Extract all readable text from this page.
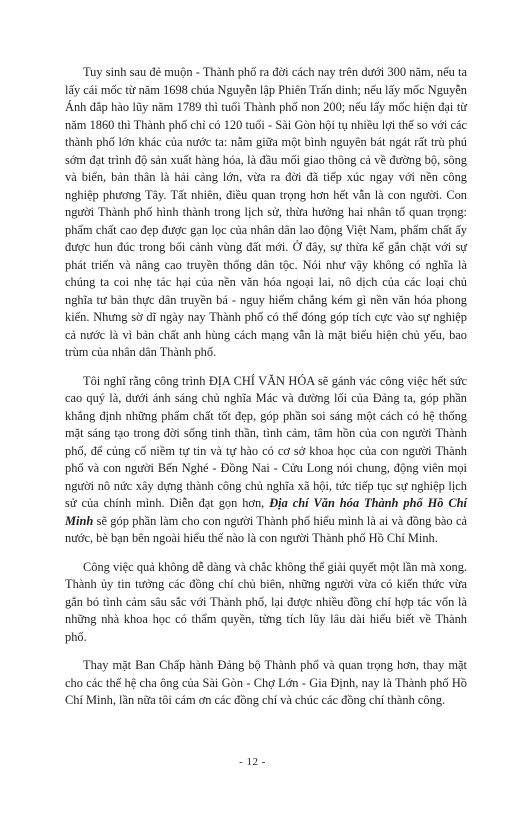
Tuy sinh sau đẻ muộn - Thành phố ra đời cách nay trên dưới 300 năm, nếu ta lấy cái mốc từ năm 1698 chúa Nguyễn lập Phiên Trấn dinh; nếu lấy mốc Nguyễn Ánh đắp hào lũy năm 1789 thì tuổi Thành phố non 200; nếu lấy mốc hiện đại từ năm 1860 thì Thành phố chỉ có 120 tuổi - Sài Gòn hội tụ nhiều lợi thế so với các thành phố lớn khác của nước ta: nằm giữa một bình nguyên bát ngát rất trù phú sớm đạt trình độ sản xuất hàng hóa, là đầu mối giao thông cả về đường bộ, sông và biển, bản thân là hải cảng lớn, vừa ra đời đã tiếp xúc ngay với nền công nghiệp phương Tây. Tất nhiên, điều quan trọng hơn hết vẫn là con người. Con người Thành phố hình thành trong lịch sử, thừa hưởng hai nhân tố quan trọng: phẩm chất cao đẹp được gạn lọc của nhân dân lao động Việt Nam, phẩm chất ấy được hun đúc trong bối cảnh vùng đất mới. Ở đây, sự thừa kế gắn chặt với sự phát triển và nâng cao truyền thống dân tộc. Nói như vậy không có nghĩa là chúng ta coi nhẹ tác hại của nền văn hóa ngoại lai, nô dịch của các loại chủ nghĩa tư bản thực dân truyền bá - nguy hiểm chẳng kém gì nền văn hóa phong kiến. Nhưng sờ dĩ ngày nay Thành phố có thể đóng góp tích cực vào sự nghiệp cả nước là vì bản chất anh hùng cách mạng vẫn là mặt biểu hiện chủ yếu, bao trùm của nhân dân Thành phố.

Tôi nghĩ rằng công trình ĐỊA CHÍ VĂN HÓA sẽ gánh vác công việc hết sức cao quý là, dưới ánh sáng chủ nghĩa Mác và đường lối của Đảng ta, góp phần khẳng định những phẩm chất tốt đẹp, góp phần soi sáng một cách có hệ thống mặt sáng tạo trong đời sống tinh thần, tình cảm, tâm hồn của con người Thành phố, để củng cố niềm tự tin và tự hào có cơ sở khoa học của con người Thành phố và con người Bến Nghé - Đồng Nai - Cửu Long nói chung, động viên mọi người nô nức xây dựng thành công chủ nghĩa xã hội, tức tiếp tục sự nghiệp lịch sử của chính mình. Diễn đạt gọn hơn, Địa chí Văn hóa Thành phố Hồ Chí Minh sẽ góp phần làm cho con người Thành phố hiểu mình là ai và đồng bào cả nước, bè bạn bên ngoài hiểu thế nào là con người Thành phố Hồ Chí Minh.

Công việc quả không dễ dàng và chắc không thể giải quyết một lần mà xong. Thành ủy tin tưởng các đồng chí chủ biên, những người vừa có kiến thức vừa gắn bó tình cảm sâu sắc với Thành phố, lại được nhiều đồng chí hợp tác vốn là những nhà khoa học có thẩm quyền, từng tích lũy lâu dài hiểu biết về Thành phố.

Thay mặt Ban Chấp hành Đảng bộ Thành phố và quan trọng hơn, thay mặt cho các thế hệ cha ông của Sài Gòn - Chợ Lớn - Gia Định, nay là Thành phố Hồ Chí Minh, lần nữa tôi cám ơn các đồng chí và chúc các đồng chí thành công.

- 12 -
